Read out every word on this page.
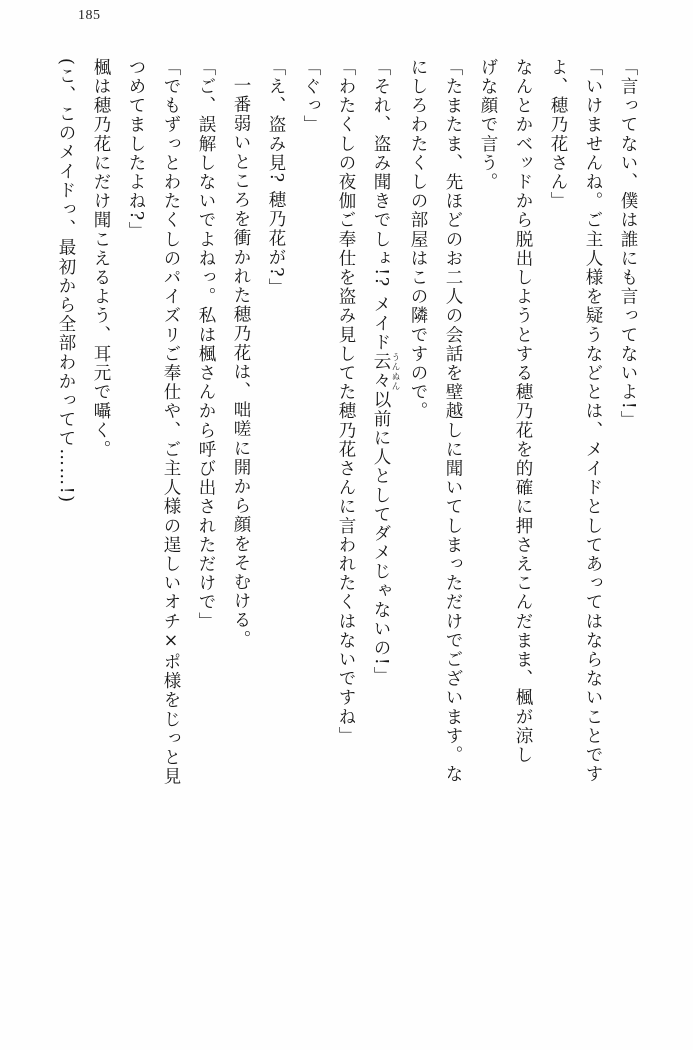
185

「言ってない、僕は誰にも言ってないよ!」

「いけませんね。ご主人様を疑うなどとは、メイドとしてあってはならないことです

よ、穂乃花さん」

なんとかベッドから脱出しようとする穂乃花を的確に押さえこんだまま、楓が涼し

げな顔で言う。

「たまたま、先ほどのお二人の会話を壁越しに聞いてしまっただけでございます。な

にしろわたくしの部屋はこの隣ですので。

「それ、盗み聞きでしょ!? メイド云々 うんぬん以前に人としてダメじゃないの!」

「わたくしの夜伽ご奉仕を盗み見してた穂乃花さんに言われたくはないですね」

「ぐっ」

「え、盗み見? 穂乃花が?」

一番弱いところを衝かれた穂乃花は、咄嗟に開から顔をそむける。

「ご、誤解しないでよねっ。私は楓さんから呼び出されただけで」

「でもずっとわたくしのパイズリご奉仕や、ご主人様の逞しいオチ×ポ様をじっと見

つめてましたよね?」

楓は穂乃花にだけ聞こえるよう、耳元で囁く。

(こ、このメイドっ、最初から全部わかってて……!)
